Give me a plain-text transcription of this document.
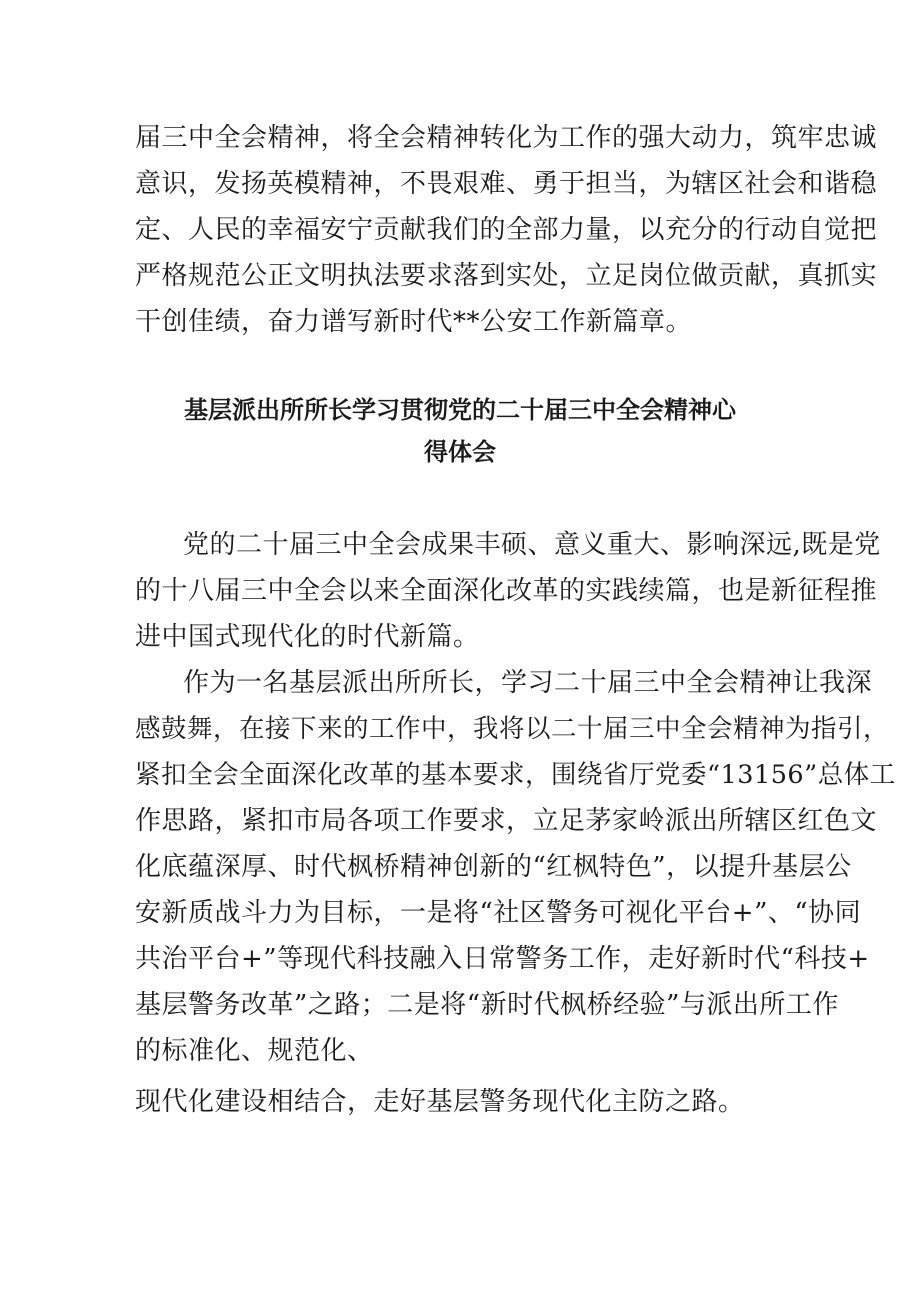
届三中全会精神，将全会精神转化为工作的强大动力，筑牢忠诚
意识，发扬英模精神，不畏艰难、勇于担当，为辖区社会和谐稳
定、人民的幸福安宁贡献我们的全部力量，以充分的行动自觉把
严格规范公正文明执法要求落到实处，立足岗位做贡献，真抓实
干创佳绩，奋力谱写新时代**公安工作新篇章。
基层派出所所长学习贯彻党的二十届三中全会精神心
得体会
党的二十届三中全会成果丰硕、意义重大、影响深远,既是党
的十八届三中全会以来全面深化改革的实践续篇，也是新征程推
进中国式现代化的时代新篇。
作为一名基层派出所所长，学习二十届三中全会精神让我深
感鼓舞，在接下来的工作中，我将以二十届三中全会精神为指引，
紧扣全会全面深化改革的基本要求，围绕省厅党委“13156”总体工
作思路，紧扣市局各项工作要求，立足茅家岭派出所辖区红色文
化底蕴深厚、时代枫桥精神创新的“红枫特色”，以提升基层公
安新质战斗力为目标，一是将“社区警务可视化平台+”、“协同
共治平台+”等现代科技融入日常警务工作，走好新时代“科技+
基层警务改革”之路；二是将“新时代枫桥经验”与派出所工作
的标准化、规范化、
现代化建设相结合，走好基层警务现代化主防之路。
